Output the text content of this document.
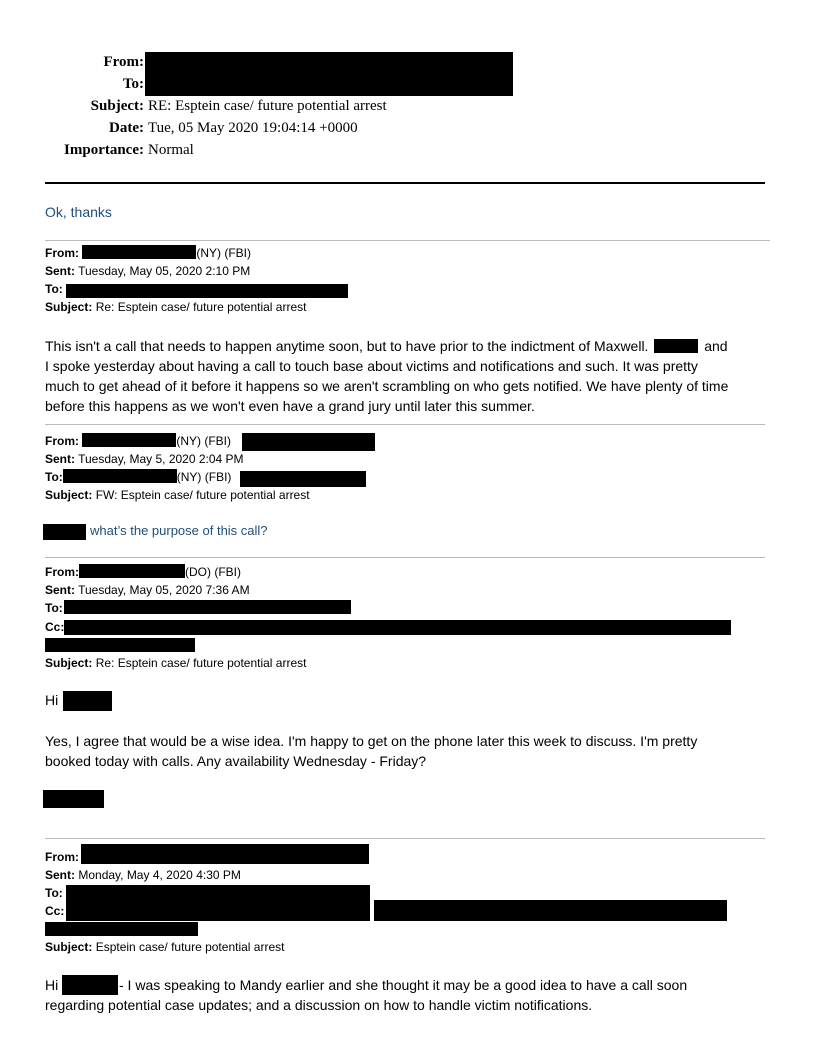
From:
To:
Subject: RE: Esptein case/ future potential arrest
Date: Tue, 05 May 2020 19:04:14 +0000
Importance: Normal
Ok, thanks
From:	(NY) (FBI)
Sent: Tuesday, May 05, 2020 2:10 PM
To:
Subject: Re: Esptein case/ future potential arrest
This isn't a call that needs to happen anytime soon, but to have prior to the indictment of Maxwell.	and
I spoke yesterday about having a call to touch base about victims and notifications and such. It was pretty
much to get ahead of it before it happens so we aren't scrambling on who gets notified. We have plenty of time
before this happens as we won't even have a grand jury until later this summer.
From:	(NY) (FBI)
Sent: Tuesday, May 5, 2020 2:04 PM
To:	(NY) (FBI)
Subject: FW: Esptein case/ future potential arrest
what’s the purpose of this call?
From:	(DO) (FBI)
Sent: Tuesday, May 05, 2020 7:36 AM
To:
Cc:
Subject: Re: Esptein case/ future potential arrest
Hi
Yes, I agree that would be a wise idea. I'm happy to get on the phone later this week to discuss. I'm pretty
booked today with calls. Any availability Wednesday - Friday?
From:
Sent: Monday, May 4, 2020 4:30 PM
To:
Cc:
Subject: Esptein case/ future potential arrest
Hi	- I was speaking to Mandy earlier and she thought it may be a good idea to have a call soon
regarding potential case updates; and a discussion on how to handle victim notifications.
